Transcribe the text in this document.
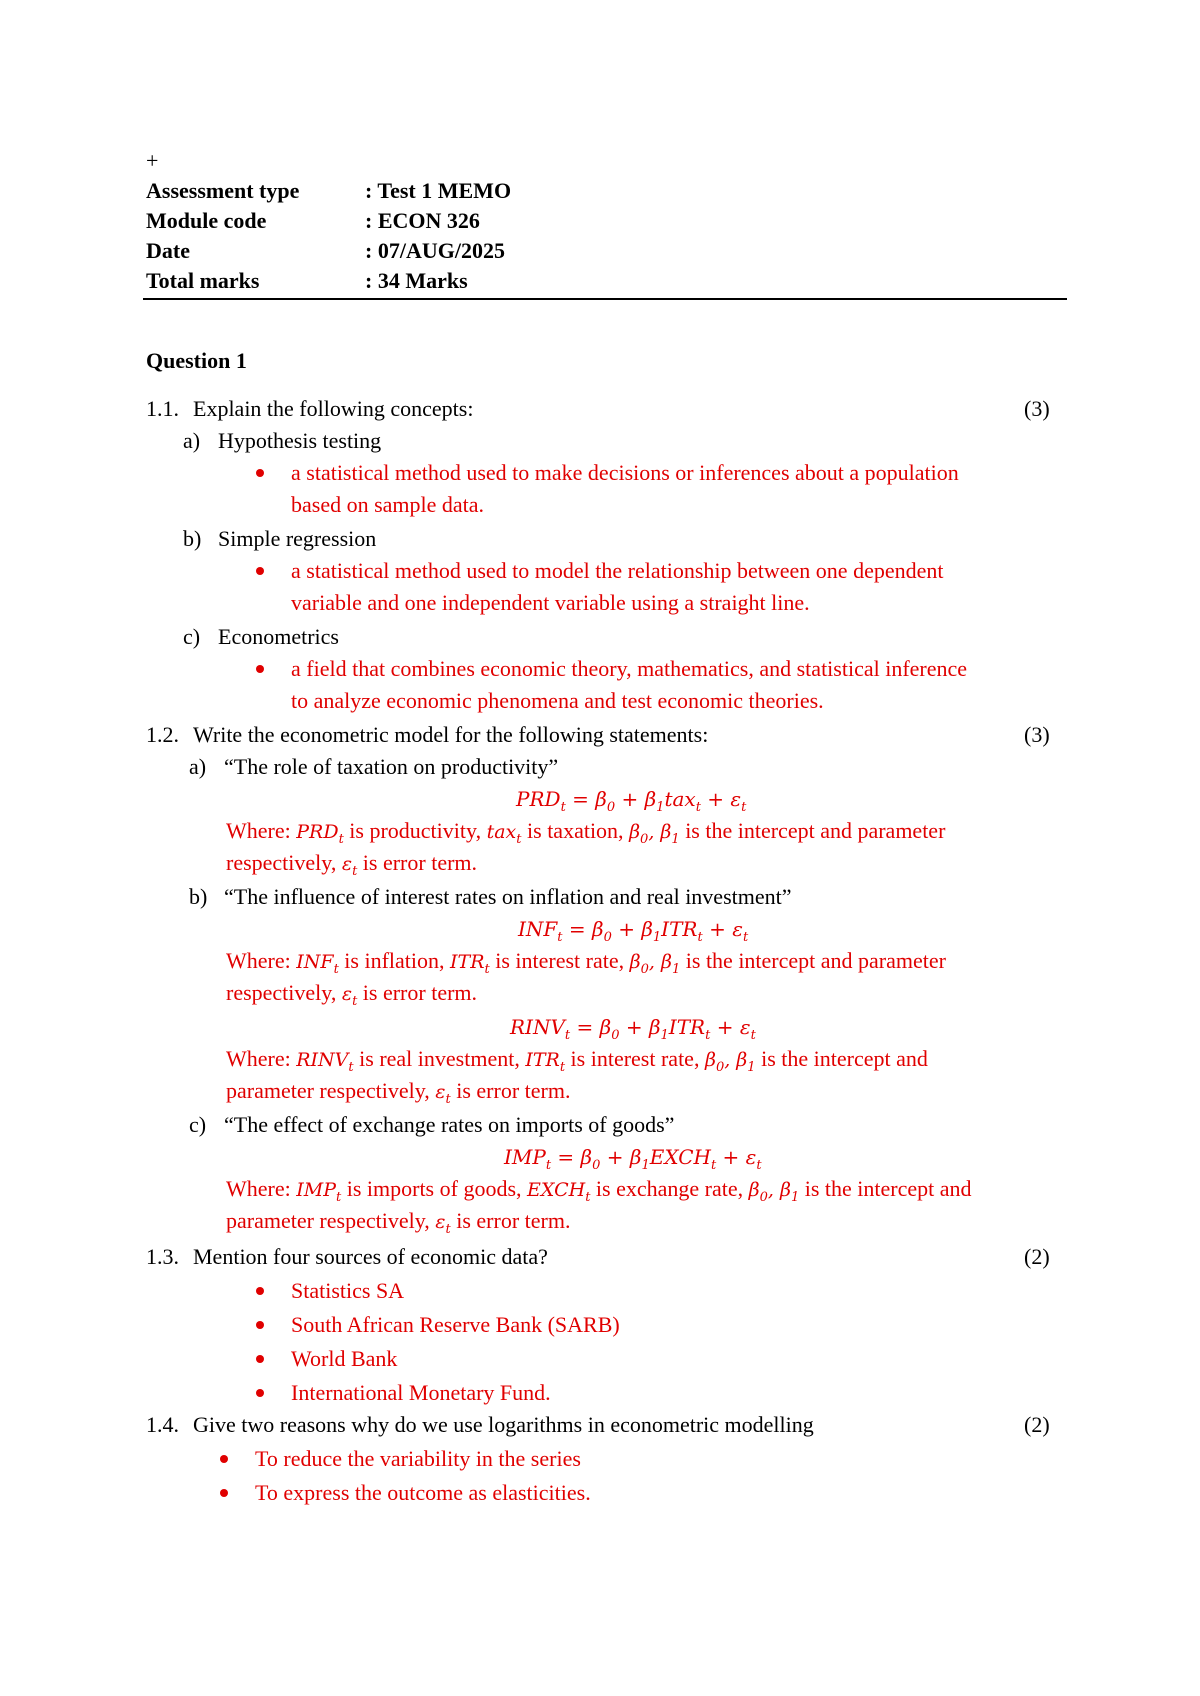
+
Assessment type	: Test 1 MEMO
Module code	: ECON 326
Date	: 07/AUG/2025
Total marks	: 34 Marks
Question 1
1.1. Explain the following concepts:	(3)
a) Hypothesis testing
a statistical method used to make decisions or inferences about a population
based on sample data.
b) Simple regression
a statistical method used to model the relationship between one dependent
variable and one independent variable using a straight line.
c) Econometrics
a field that combines economic theory, mathematics, and statistical inference
to analyze economic phenomena and test economic theories.
1.2. Write the econometric model for the following statements:	(3)
a) “The role of taxation on productivity”
$PRD_t = \beta_0 + \beta_1tax_t + \varepsilon_t$
Where: $PRD_t$ is productivity, tax$_t$ is taxation, $\beta_0$, $\beta_1$ is the intercept and parameter
respectively, $\varepsilon_t$ is error term.
b) “The influence of interest rates on inflation and real investment”
$INF_t = \beta_0 + \beta_1ITR_t + \varepsilon_t$
Where: $INF_t$ is inflation, $ITR_t$ is interest rate, $\beta_0$, $\beta_1$ is the intercept and parameter
respectively, $\varepsilon_t$ is error term.
$RINV_t = \beta_0 + \beta_1ITR_t + \varepsilon_t$
Where: $RINV_t$ is real investment, $ITR_t$ is interest rate, $\beta_0$, $\beta_1$ is the intercept and
parameter respectively, $\varepsilon_t$ is error term.
c) “The effect of exchange rates on imports of goods”
$IMP_t = \beta_0$ + $\beta_1EXCH_t + \varepsilon_t$
Where: $IMP_t$ is imports of goods, $EXCH_t$ is exchange rate, $\beta_0$, $\beta_1$ is the intercept and
parameter respectively, $\varepsilon_t$ is error term.
1.3. Mention four sources of economic data?	(2)
Statistics SA
South African Reserve Bank (SARB)
World Bank
International Monetary Fund.
1.4. Give two reasons why do we use logarithms in econometric modelling	(2)
To reduce the variability in the series
To express the outcome as elasticities.
